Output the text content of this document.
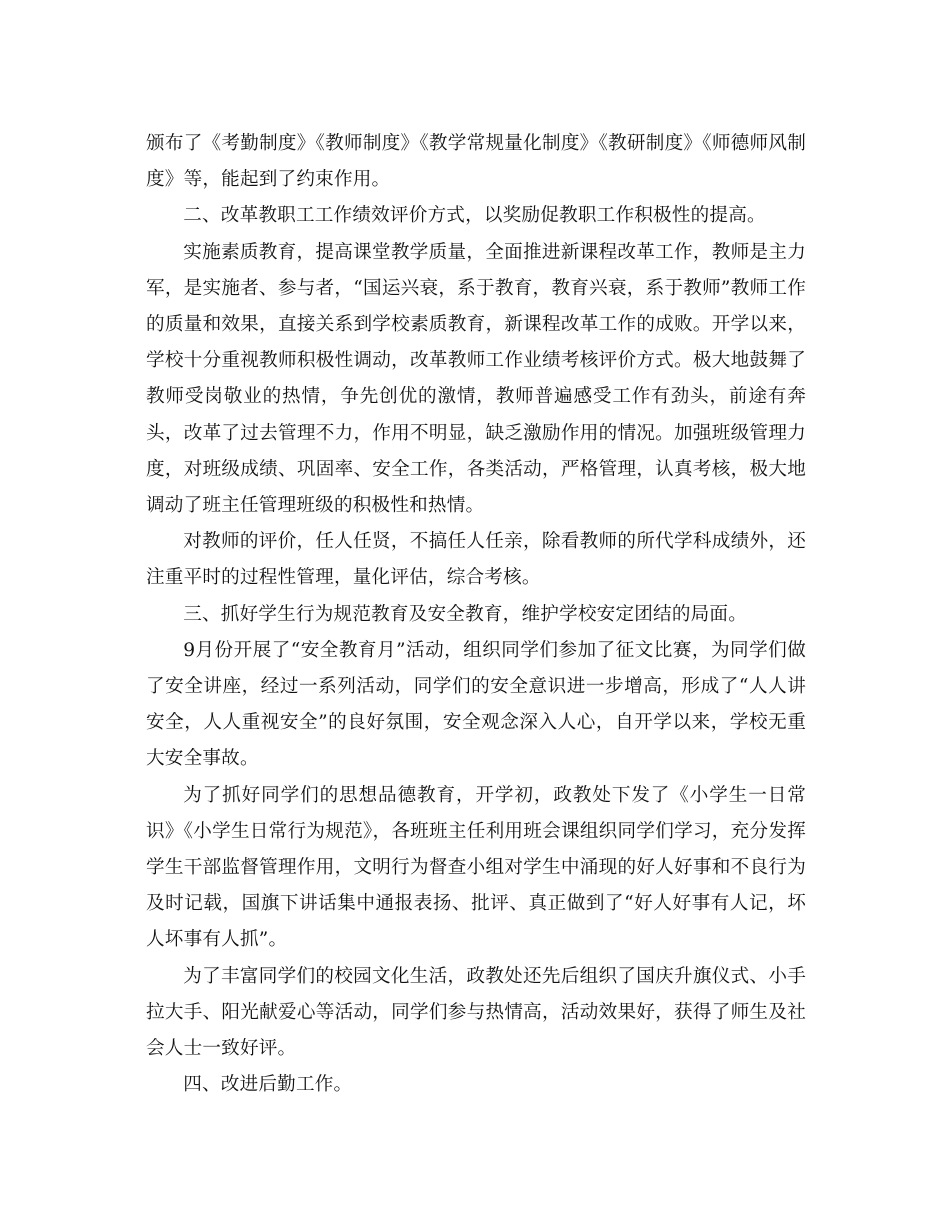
颁布了《考勤制度》《教师制度》《教学常规量化制度》《教研制度》《师德师风制度》等，能起到了约束作用。

二、改革教职工工作绩效评价方式，以奖励促教职工作积极性的提高。

实施素质教育，提高课堂教学质量，全面推进新课程改革工作，教师是主力军，是实施者、参与者，“国运兴衰，系于教育，教育兴衰，系于教师”教师工作的质量和效果，直接关系到学校素质教育，新课程改革工作的成败。开学以来，学校十分重视教师积极性调动，改革教师工作业绩考核评价方式。极大地鼓舞了教师受岗敬业的热情，争先创优的激情，教师普遍感受工作有劲头，前途有奔头，改革了过去管理不力，作用不明显，缺乏激励作用的情况。加强班级管理力度，对班级成绩、巩固率、安全工作，各类活动，严格管理，认真考核，极大地调动了班主任管理班级的积极性和热情。

对教师的评价，任人任贤，不搞任人任亲，除看教师的所代学科成绩外，还注重平时的过程性管理，量化评估，综合考核。

三、抓好学生行为规范教育及安全教育，维护学校安定团结的局面。

9月份开展了“安全教育月”活动，组织同学们参加了征文比赛，为同学们做了安全讲座，经过一系列活动，同学们的安全意识进一步增高，形成了“人人讲安全，人人重视安全”的良好氛围，安全观念深入人心，自开学以来，学校无重大安全事故。

为了抓好同学们的思想品德教育，开学初，政教处下发了《小学生一日常识》《小学生日常行为规范》，各班班主任利用班会课组织同学们学习，充分发挥学生干部监督管理作用，文明行为督查小组对学生中涌现的好人好事和不良行为及时记载，国旗下讲话集中通报表扬、批评、真正做到了“好人好事有人记，坏人坏事有人抓”。

为了丰富同学们的校园文化生活，政教处还先后组织了国庆升旗仪式、小手拉大手、阳光献爱心等活动，同学们参与热情高，活动效果好，获得了师生及社会人士一致好评。

四、改进后勤工作。
